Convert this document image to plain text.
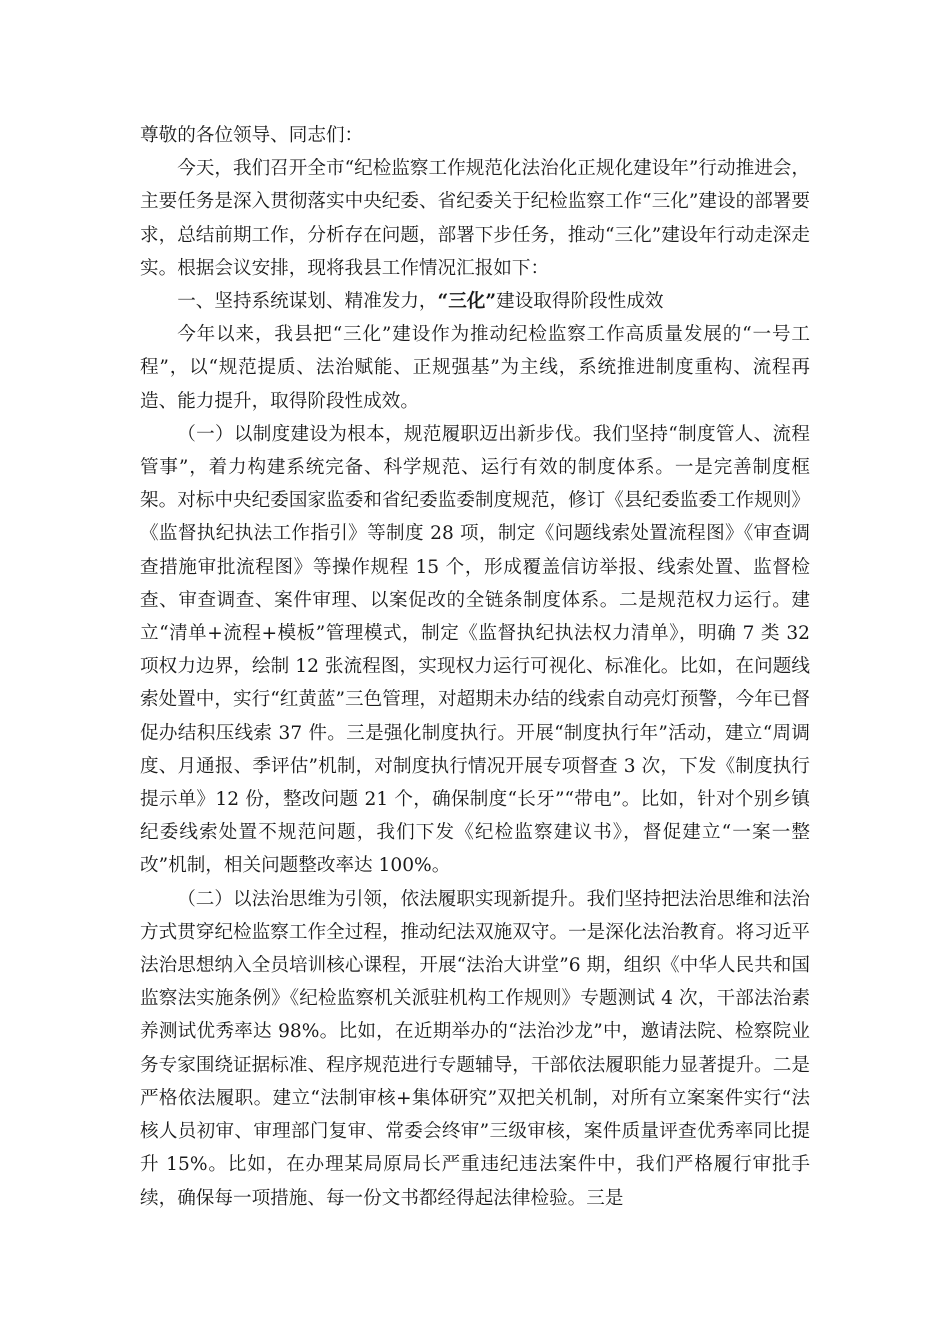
尊敬的各位领导、同志们：

今天，我们召开全市“纪检监察工作规范化法治化正规化建设年”行动推进会，主要任务是深入贯彻落实中央纪委、省纪委关于纪检监察工作“三化”建设的部署要求，总结前期工作，分析存在问题，部署下步任务，推动“三化”建设年行动走深走实。根据会议安排，现将我县工作情况汇报如下：

一、坚持系统谋划、精准发力，“三化”建设取得阶段性成效

今年以来，我县把“三化”建设作为推动纪检监察工作高质量发展的“一号工程”，以“规范提质、法治赋能、正规强基”为主线，系统推进制度重构、流程再造、能力提升，取得阶段性成效。

（一）以制度建设为根本，规范履职迈出新步伐。我们坚持“制度管人、流程管事”，着力构建系统完备、科学规范、运行有效的制度体系。一是完善制度框架。对标中央纪委国家监委和省纪委监委制度规范，修订《县纪委监委工作规则》《监督执纪执法工作指引》等制度 28 项，制定《问题线索处置流程图》《审查调查措施审批流程图》等操作规程 15 个，形成覆盖信访举报、线索处置、监督检查、审查调查、案件审理、以案促改的全链条制度体系。二是规范权力运行。建立“清单+流程+模板”管理模式，制定《监督执纪执法权力清单》，明确 7 类 32 项权力边界，绘制 12 张流程图，实现权力运行可视化、标准化。比如，在问题线索处置中，实行“红黄蓝”三色管理，对超期未办结的线索自动亮灯预警，今年已督促办结积压线索 37 件。三是强化制度执行。开展“制度执行年”活动，建立“周调度、月通报、季评估”机制，对制度执行情况开展专项督查 3 次，下发《制度执行提示单》12 份，整改问题 21 个，确保制度“长牙”“带电”。比如，针对个别乡镇纪委线索处置不规范问题，我们下发《纪检监察建议书》，督促建立“一案一整改”机制，相关问题整改率达 100%。

（二）以法治思维为引领，依法履职实现新提升。我们坚持把法治思维和法治方式贯穿纪检监察工作全过程，推动纪法双施双守。一是深化法治教育。将习近平法治思想纳入全员培训核心课程，开展“法治大讲堂”6 期，组织《中华人民共和国监察法实施条例》《纪检监察机关派驻机构工作规则》专题测试 4 次，干部法治素养测试优秀率达 98%。比如，在近期举办的“法治沙龙”中，邀请法院、检察院业务专家围绕证据标准、程序规范进行专题辅导，干部依法履职能力显著提升。二是严格依法履职。建立“法制审核+集体研究”双把关机制，对所有立案案件实行“法核人员初审、审理部门复审、常委会终审”三级审核，案件质量评查优秀率同比提升 15%。比如，在办理某局原局长严重违纪违法案件中，我们严格履行审批手续，确保每一项措施、每一份文书都经得起法律检验。三是
